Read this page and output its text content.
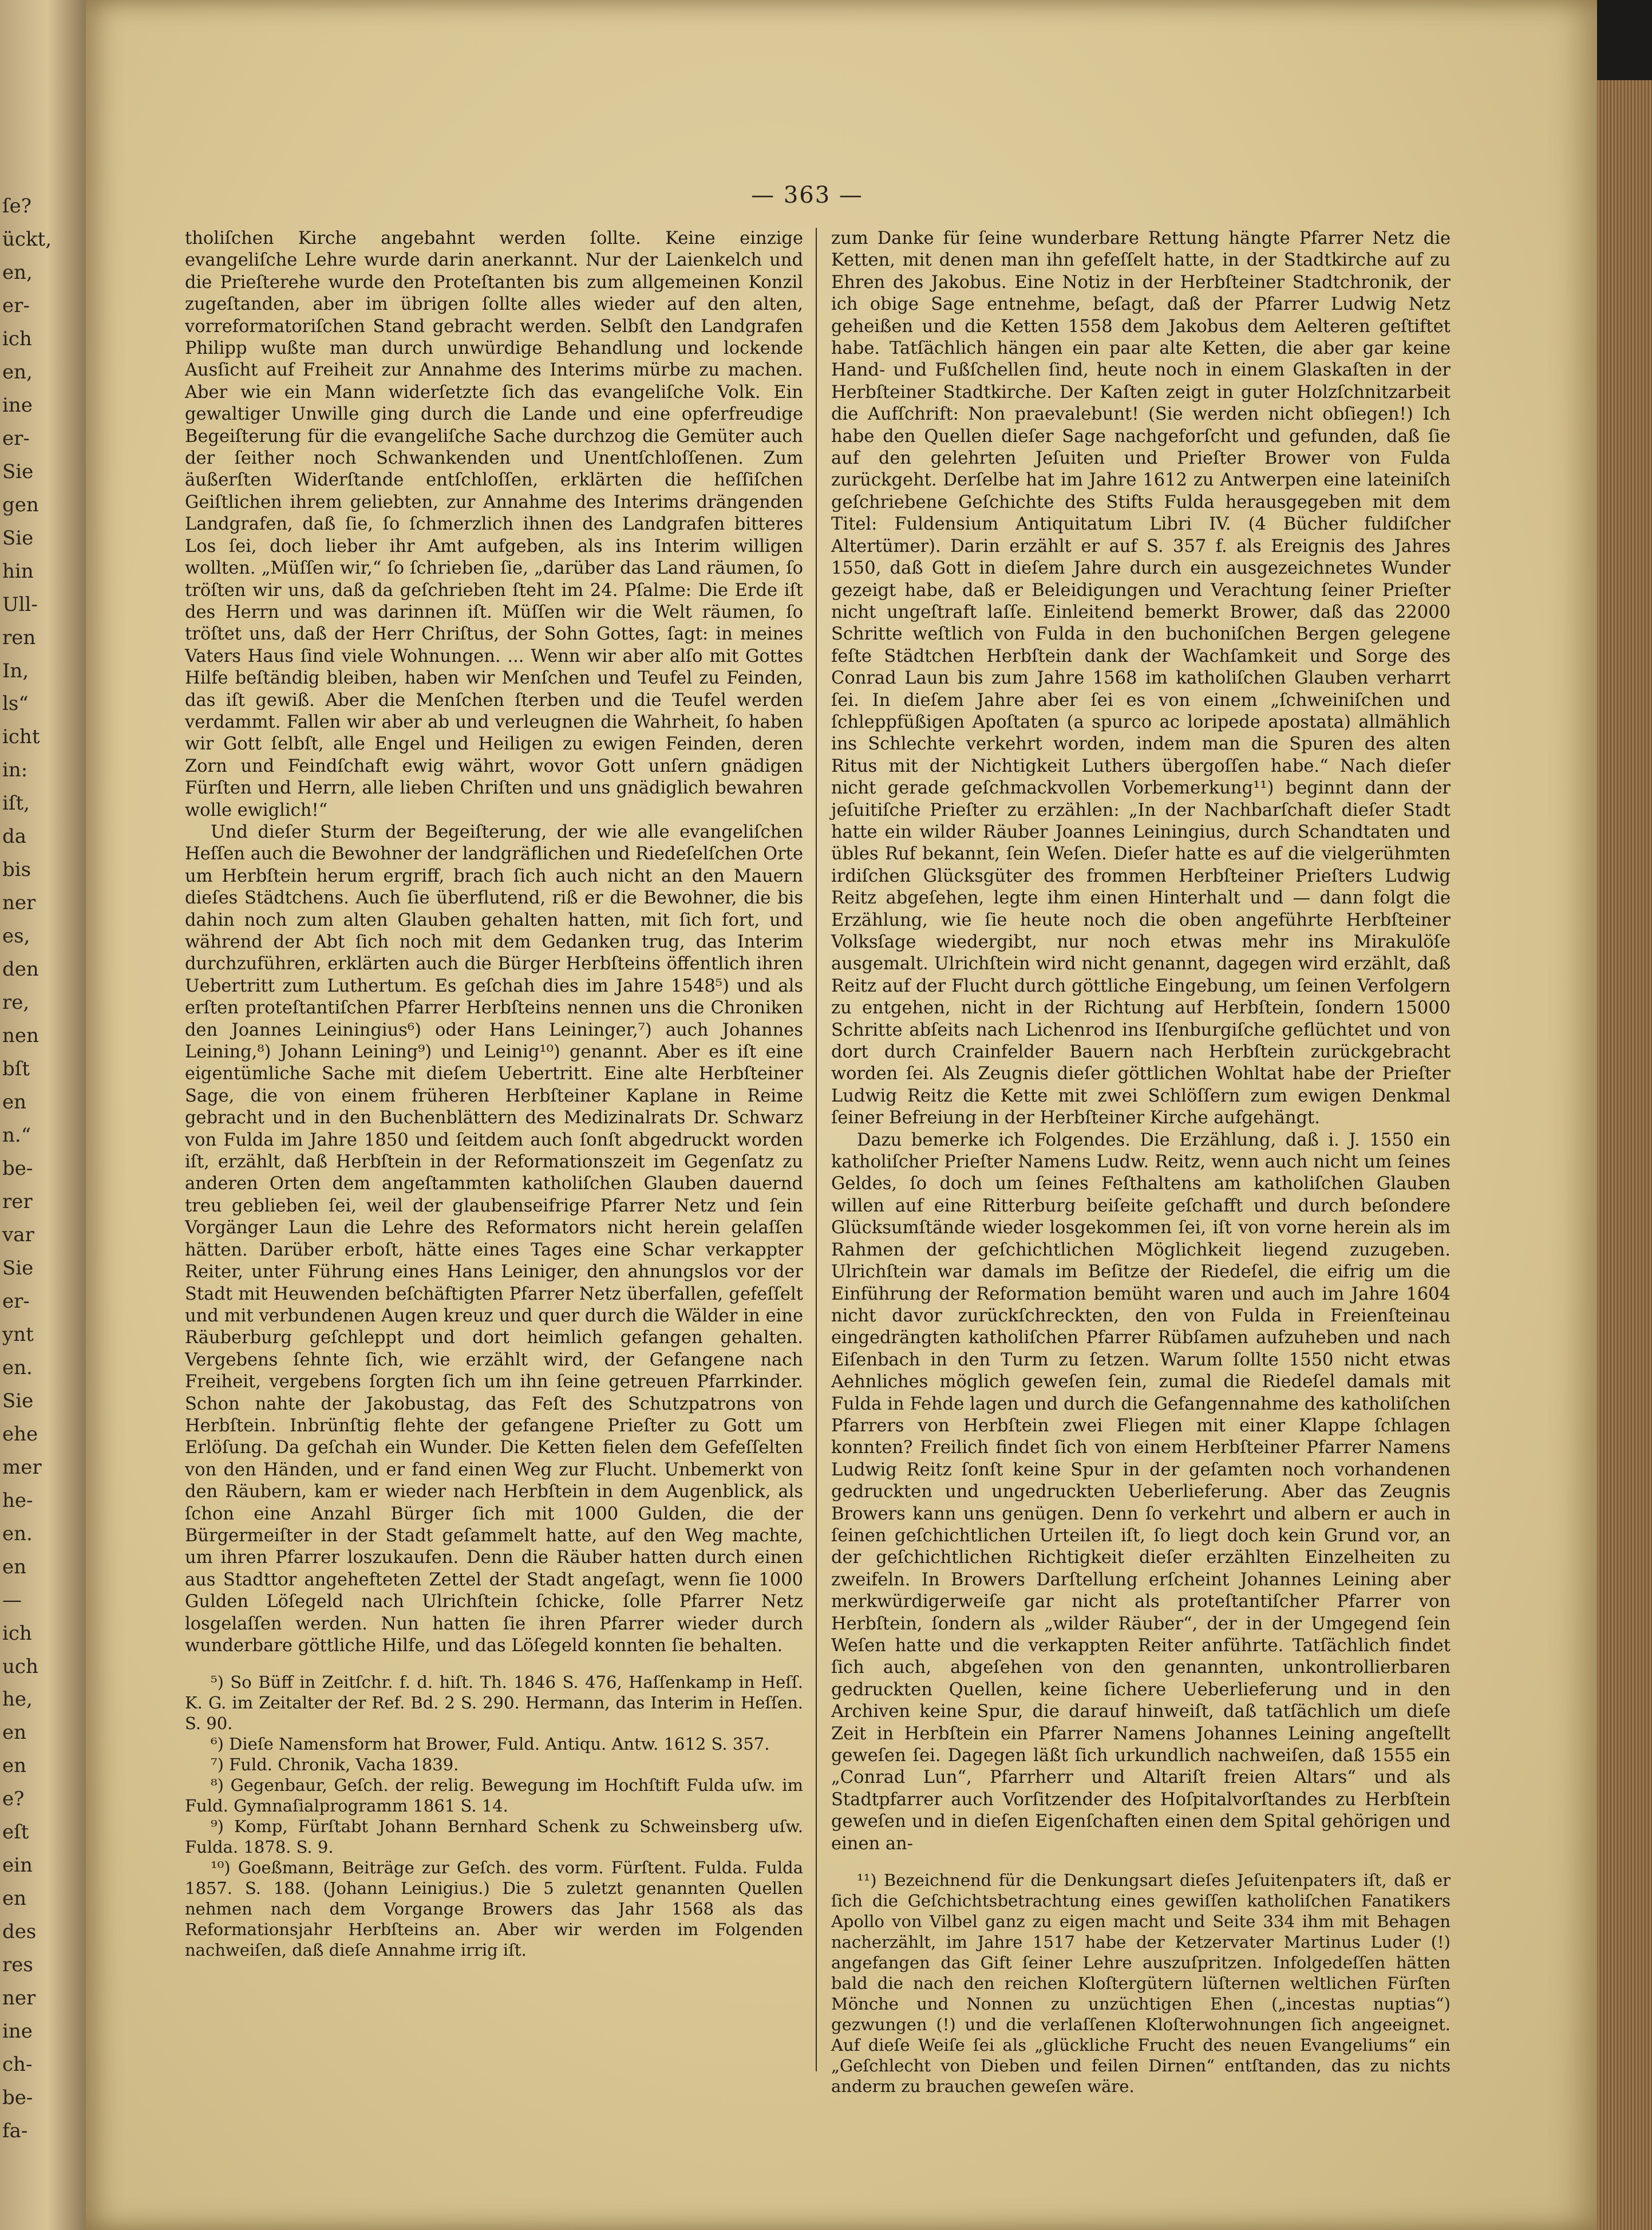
ſe?
ückt,
en,
er-
ich
en,
ine
er-
Sie
gen
Sie
hin
Ull-
ren
In,
ls“
icht
in:
iſt,
da
bis
ner
es,
den
re,
nen
bſt
en
n.“
be-
rer
var
Sie
er-
ynt
en.
Sie
ehe
mer
he-
en.
en
—
ich
uch
he,
en
en
e?
eſt
ein
en
des
res
ner
ine
ch-
be-
fa-
— 363 —

tholiſchen Kirche angebahnt werden ſollte. Keine einzige evangeliſche Lehre wurde darin anerkannt. Nur der Laienkelch und die Prieſterehe wurde den Proteſtanten bis zum allgemeinen Konzil zugeſtanden, aber im übrigen ſollte alles wieder auf den alten, vorreformatoriſchen Stand gebracht werden. Selbſt den Landgrafen Philipp wußte man durch unwürdige Behandlung und lockende Ausſicht auf Freiheit zur Annahme des Interims mürbe zu machen. Aber wie ein Mann widerſetzte ſich das evangeliſche Volk. Ein gewaltiger Unwille ging durch die Lande und eine opferfreudige Begeiſterung für die evangeliſche Sache durchzog die Gemüter auch der ſeither noch Schwankenden und Unentſchloſſenen. Zum äußerſten Widerſtande entſchloſſen, erklärten die heſſiſchen Geiſtlichen ihrem geliebten, zur Annahme des Interims drängenden Landgrafen, daß ſie, ſo ſchmerzlich ihnen des Landgrafen bitteres Los ſei, doch lieber ihr Amt aufgeben, als ins Interim willigen wollten. „Müſſen wir,“ ſo ſchrieben ſie, „darüber das Land räumen, ſo tröſten wir uns, daß da geſchrieben ſteht im 24. Pſalme: Die Erde iſt des Herrn und was darinnen iſt. Müſſen wir die Welt räumen, ſo tröſtet uns, daß der Herr Chriſtus, der Sohn Gottes, ſagt: in meines Vaters Haus ſind viele Wohnungen. ... Wenn wir aber alſo mit Gottes Hilfe beſtändig bleiben, haben wir Menſchen und Teufel zu Feinden, das iſt gewiß. Aber die Menſchen ſterben und die Teufel werden verdammt. Fallen wir aber ab und verleugnen die Wahrheit, ſo haben wir Gott ſelbſt, alle Engel und Heiligen zu ewigen Feinden, deren Zorn und Feindſchaft ewig währt, wovor Gott unſern gnädigen Fürſten und Herrn, alle lieben Chriſten und uns gnädiglich bewahren wolle ewiglich!“

Und dieſer Sturm der Begeiſterung, der wie alle evangeliſchen Heſſen auch die Bewohner der landgräflichen und Riedeſelſchen Orte um Herbſtein herum ergriff, brach ſich auch nicht an den Mauern dieſes Städtchens. Auch ſie überflutend, riß er die Bewohner, die bis dahin noch zum alten Glauben gehalten hatten, mit ſich fort, und während der Abt ſich noch mit dem Gedanken trug, das Interim durchzuführen, erklärten auch die Bürger Herbſteins öffentlich ihren Uebertritt zum Luthertum. Es geſchah dies im Jahre 1548⁵) und als erſten proteſtantiſchen Pfarrer Herbſteins nennen uns die Chroniken den Joannes Leiningius⁶) oder Hans Leininger,⁷) auch Johannes Leining,⁸) Johann Leining⁹) und Leinig¹⁰) genannt. Aber es iſt eine eigentümliche Sache mit dieſem Uebertritt. Eine alte Herbſteiner Sage, die von einem früheren Herbſteiner Kaplane in Reime gebracht und in den Buchenblättern des Medizinalrats Dr. Schwarz von Fulda im Jahre 1850 und ſeitdem auch ſonſt abgedruckt worden iſt, erzählt, daß Herbſtein in der Reformationszeit im Gegenſatz zu anderen Orten dem angeſtammten katholiſchen Glauben dauernd treu geblieben ſei, weil der glaubenseifrige Pfarrer Netz und ſein Vorgänger Laun die Lehre des Reformators nicht herein gelaſſen hätten. Darüber erboſt, hätte eines Tages eine Schar verkappter Reiter, unter Führung eines Hans Leiniger, den ahnungslos vor der Stadt mit Heuwenden beſchäftigten Pfarrer Netz überfallen, gefeſſelt und mit verbundenen Augen kreuz und quer durch die Wälder in eine Räuberburg geſchleppt und dort heimlich gefangen gehalten. Vergebens ſehnte ſich, wie erzählt wird, der Gefangene nach Freiheit, vergebens ſorgten ſich um ihn ſeine getreuen Pfarrkinder. Schon nahte der Jakobustag, das Feſt des Schutzpatrons von Herbſtein. Inbrünſtig flehte der gefangene Prieſter zu Gott um Erlöſung. Da geſchah ein Wunder. Die Ketten fielen dem Gefeſſelten von den Händen, und er fand einen Weg zur Flucht. Unbemerkt von den Räubern, kam er wieder nach Herbſtein in dem Augenblick, als ſchon eine Anzahl Bürger ſich mit 1000 Gulden, die der Bürgermeiſter in der Stadt geſammelt hatte, auf den Weg machte, um ihren Pfarrer loszukaufen. Denn die Räuber hatten durch einen aus Stadttor angehefteten Zettel der Stadt angeſagt, wenn ſie 1000 Gulden Löſegeld nach Ulrichſtein ſchicke, ſolle Pfarrer Netz losgelaſſen werden. Nun hatten ſie ihren Pfarrer wieder durch wunderbare göttliche Hilfe, und das Löſegeld konnten ſie behalten.

⁵) So Büff in Zeitſchr. f. d. hiſt. Th. 1846 S. 476, Haſſenkamp in Heſſ. K. G. im Zeitalter der Ref. Bd. 2 S. 290. Hermann, das Interim in Heſſen. S. 90.

⁶) Dieſe Namensform hat Brower, Fuld. Antiqu. Antw. 1612 S. 357.

⁷) Fuld. Chronik, Vacha 1839.

⁸) Gegenbaur, Geſch. der relig. Bewegung im Hochſtift Fulda uſw. im Fuld. Gymnaſialprogramm 1861 S. 14.

⁹) Komp, Fürſtabt Johann Bernhard Schenk zu Schweinsberg uſw. Fulda. 1878. S. 9.

¹⁰) Goeßmann, Beiträge zur Geſch. des vorm. Fürſtent. Fulda. Fulda 1857. S. 188. (Johann Leinigius.) Die 5 zuletzt genannten Quellen nehmen nach dem Vorgange Browers das Jahr 1568 als das Reformationsjahr Herbſteins an. Aber wir werden im Folgenden nachweiſen, daß dieſe Annahme irrig iſt.

zum Danke für ſeine wunderbare Rettung hängte Pfarrer Netz die Ketten, mit denen man ihn gefeſſelt hatte, in der Stadtkirche auf zu Ehren des Jakobus. Eine Notiz in der Herbſteiner Stadtchronik, der ich obige Sage entnehme, beſagt, daß der Pfarrer Ludwig Netz geheißen und die Ketten 1558 dem Jakobus dem Aelteren geſtiftet habe. Tatſächlich hängen ein paar alte Ketten, die aber gar keine Hand- und Fußſchellen ſind, heute noch in einem Glaskaſten in der Herbſteiner Stadtkirche. Der Kaſten zeigt in guter Holzſchnitzarbeit die Aufſchrift: Non praevalebunt! (Sie werden nicht obſiegen!) Ich habe den Quellen dieſer Sage nachgeforſcht und gefunden, daß ſie auf den gelehrten Jeſuiten und Prieſter Brower von Fulda zurückgeht. Derſelbe hat im Jahre 1612 zu Antwerpen eine lateiniſch geſchriebene Geſchichte des Stifts Fulda herausgegeben mit dem Titel: Fuldensium Antiquitatum Libri IV. (4 Bücher fuldiſcher Altertümer). Darin erzählt er auf S. 357 f. als Ereignis des Jahres 1550, daß Gott in dieſem Jahre durch ein ausgezeichnetes Wunder gezeigt habe, daß er Beleidigungen und Verachtung ſeiner Prieſter nicht ungeſtraft laſſe. Einleitend bemerkt Brower, daß das 22000 Schritte weſtlich von Fulda in den buchoniſchen Bergen gelegene feſte Städtchen Herbſtein dank der Wachſamkeit und Sorge des Conrad Laun bis zum Jahre 1568 im katholiſchen Glauben verharrt ſei. In dieſem Jahre aber ſei es von einem „ſchweiniſchen und ſchleppfüßigen Apoſtaten (a spurco ac loripede apostata) allmählich ins Schlechte verkehrt worden, indem man die Spuren des alten Ritus mit der Nichtigkeit Luthers übergoſſen habe.“ Nach dieſer nicht gerade geſchmackvollen Vorbemerkung¹¹) beginnt dann der jeſuitiſche Prieſter zu erzählen: „In der Nachbarſchaft dieſer Stadt hatte ein wilder Räuber Joannes Leiningius, durch Schandtaten und übles Ruf bekannt, ſein Weſen. Dieſer hatte es auf die vielgerühmten irdiſchen Glücksgüter des frommen Herbſteiner Prieſters Ludwig Reitz abgeſehen, legte ihm einen Hinterhalt und — dann folgt die Erzählung, wie ſie heute noch die oben angeführte Herbſteiner Volksſage wiedergibt, nur noch etwas mehr ins Mirakulöſe ausgemalt. Ulrichſtein wird nicht genannt, dagegen wird erzählt, daß Reitz auf der Flucht durch göttliche Eingebung, um ſeinen Verfolgern zu entgehen, nicht in der Richtung auf Herbſtein, ſondern 15000 Schritte abſeits nach Lichenrod ins Iſenburgiſche geflüchtet und von dort durch Crainfelder Bauern nach Herbſtein zurückgebracht worden ſei. Als Zeugnis dieſer göttlichen Wohltat habe der Prieſter Ludwig Reitz die Kette mit zwei Schlöſſern zum ewigen Denkmal ſeiner Befreiung in der Herbſteiner Kirche aufgehängt.

Dazu bemerke ich Folgendes. Die Erzählung, daß i. J. 1550 ein katholiſcher Prieſter Namens Ludw. Reitz, wenn auch nicht um ſeines Geldes, ſo doch um ſeines Feſthaltens am katholiſchen Glauben willen auf eine Ritterburg beiſeite geſchafft und durch beſondere Glücksumſtände wieder losgekommen ſei, iſt von vorne herein als im Rahmen der geſchichtlichen Möglichkeit liegend zuzugeben. Ulrichſtein war damals im Beſitze der Riedeſel, die eifrig um die Einführung der Reformation bemüht waren und auch im Jahre 1604 nicht davor zurückſchreckten, den von Fulda in Freienſteinau eingedrängten katholiſchen Pfarrer Rübſamen aufzuheben und nach Eiſenbach in den Turm zu ſetzen. Warum ſollte 1550 nicht etwas Aehnliches möglich geweſen ſein, zumal die Riedeſel damals mit Fulda in Fehde lagen und durch die Gefangennahme des katholiſchen Pfarrers von Herbſtein zwei Fliegen mit einer Klappe ſchlagen konnten? Freilich findet ſich von einem Herbſteiner Pfarrer Namens Ludwig Reitz ſonſt keine Spur in der geſamten noch vorhandenen gedruckten und ungedruckten Ueberlieferung. Aber das Zeugnis Browers kann uns genügen. Denn ſo verkehrt und albern er auch in ſeinen geſchichtlichen Urteilen iſt, ſo liegt doch kein Grund vor, an der geſchichtlichen Richtigkeit dieſer erzählten Einzelheiten zu zweifeln. In Browers Darſtellung erſcheint Johannes Leining aber merkwürdigerweiſe gar nicht als proteſtantiſcher Pfarrer von Herbſtein, ſondern als „wilder Räuber“, der in der Umgegend ſein Weſen hatte und die verkappten Reiter anführte. Tatſächlich findet ſich auch, abgeſehen von den genannten, unkontrollierbaren gedruckten Quellen, keine ſichere Ueberlieferung und in den Archiven keine Spur, die darauf hinweiſt, daß tatſächlich um dieſe Zeit in Herbſtein ein Pfarrer Namens Johannes Leining angeſtellt geweſen ſei. Dagegen läßt ſich urkundlich nachweiſen, daß 1555 ein „Conrad Lun“, Pfarrherr und Altariſt freien Altars“ und als Stadtpfarrer auch Vorſitzender des Hoſpitalvorſtandes zu Herbſtein geweſen und in dieſen Eigenſchaften einen dem Spital gehörigen und einen an-

¹¹) Bezeichnend für die Denkungsart dieſes Jeſuitenpaters iſt, daß er ſich die Geſchichtsbetrachtung eines gewiſſen katholiſchen Fanatikers Apollo von Vilbel ganz zu eigen macht und Seite 334 ihm mit Behagen nacherzählt, im Jahre 1517 habe der Ketzervater Martinus Luder (!) angefangen das Gift ſeiner Lehre auszuſpritzen. Infolgedeſſen hätten bald die nach den reichen Kloſtergütern lüſternen weltlichen Fürſten Mönche und Nonnen zu unzüchtigen Ehen („incestas nuptias“) gezwungen (!) und die verlaſſenen Kloſterwohnungen ſich angeeignet. Auf dieſe Weiſe ſei als „glückliche Frucht des neuen Evangeliums“ ein „Geſchlecht von Dieben und feilen Dirnen“ entſtanden, das zu nichts anderm zu brauchen geweſen wäre.
